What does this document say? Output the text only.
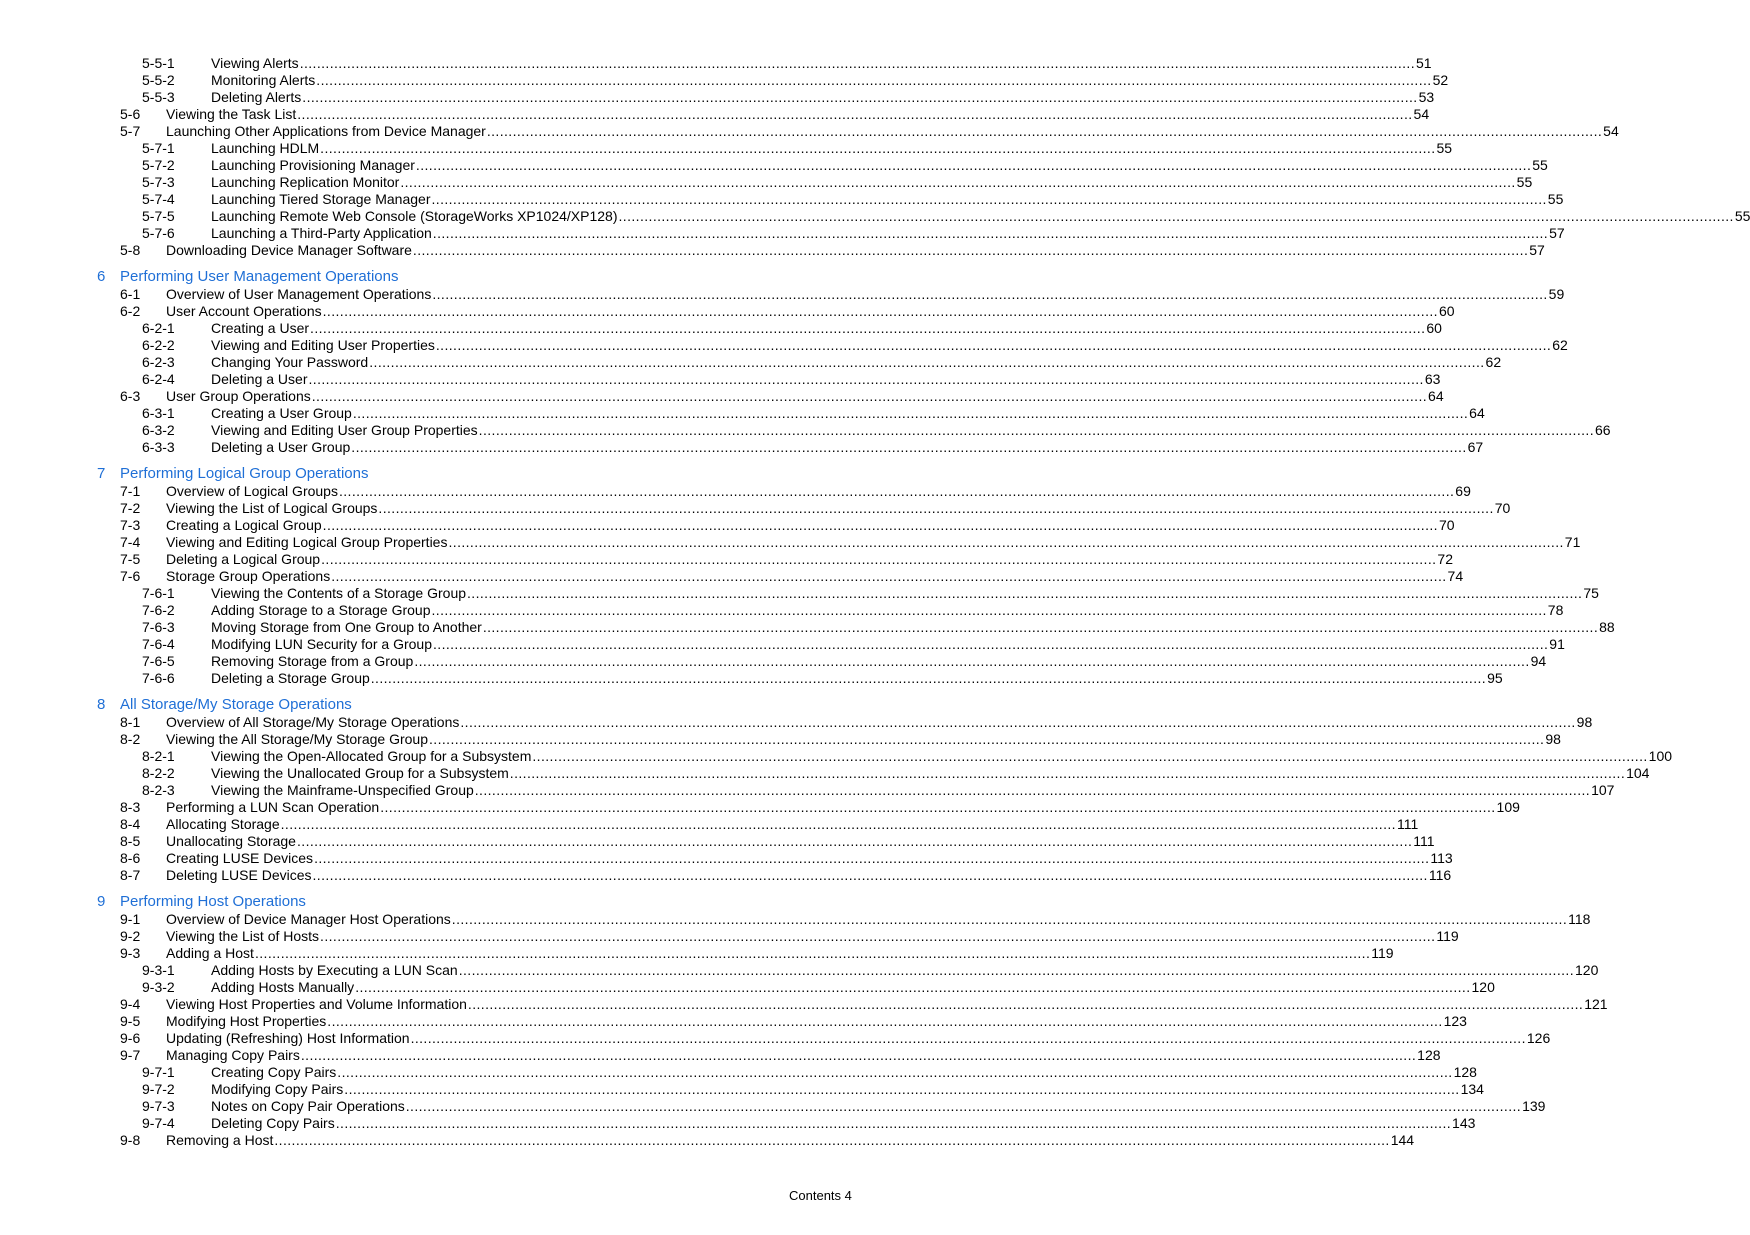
5-5-1	Viewing Alerts .................................................................................................................................................................................................................................................................... 51
5-5-2	Monitoring Alerts .................................................................................................................................................................................................................................................................... 52
5-5-3	Deleting Alerts .................................................................................................................................................................................................................................................................... 53
5-6 Viewing the Task List .................................................................................................................................................................................................................................................................... 54
5-7 Launching Other Applications from Device Manager .................................................................................................................................................................................................................................................................... 54
5-7-1	Launching HDLM .................................................................................................................................................................................................................................................................... 55
5-7-2	Launching Provisioning Manager .................................................................................................................................................................................................................................................................... 55
5-7-3	Launching Replication Monitor .................................................................................................................................................................................................................................................................... 55
5-7-4	Launching Tiered Storage Manager .................................................................................................................................................................................................................................................................... 55
5-7-5	Launching Remote Web Console (StorageWorks XP1024/XP128) .................................................................................................................................................................................................................................................................... 55
5-7-6	Launching a Third-Party Application .................................................................................................................................................................................................................................................................... 57
5-8 Downloading Device Manager Software .................................................................................................................................................................................................................................................................... 57
6 Performing User Management Operations
6-1 Overview of User Management Operations .................................................................................................................................................................................................................................................................... 59
6-2 User Account Operations .................................................................................................................................................................................................................................................................... 60
6-2-1	Creating a User .................................................................................................................................................................................................................................................................... 60
6-2-2	Viewing and Editing User Properties .................................................................................................................................................................................................................................................................... 62
6-2-3	Changing Your Password .................................................................................................................................................................................................................................................................... 62
6-2-4	Deleting a User .................................................................................................................................................................................................................................................................... 63
6-3 User Group Operations .................................................................................................................................................................................................................................................................... 64
6-3-1	Creating a User Group .................................................................................................................................................................................................................................................................... 64
6-3-2	Viewing and Editing User Group Properties .................................................................................................................................................................................................................................................................... 66
6-3-3	Deleting a User Group .................................................................................................................................................................................................................................................................... 67
7 Performing Logical Group Operations
7-1 Overview of Logical Groups .................................................................................................................................................................................................................................................................... 69
7-2 Viewing the List of Logical Groups .................................................................................................................................................................................................................................................................... 70
7-3 Creating a Logical Group .................................................................................................................................................................................................................................................................... 70
7-4 Viewing and Editing Logical Group Properties .................................................................................................................................................................................................................................................................... 71
7-5 Deleting a Logical Group .................................................................................................................................................................................................................................................................... 72
7-6 Storage Group Operations .................................................................................................................................................................................................................................................................... 74
7-6-1	Viewing the Contents of a Storage Group .................................................................................................................................................................................................................................................................... 75
7-6-2	Adding Storage to a Storage Group .................................................................................................................................................................................................................................................................... 78
7-6-3	Moving Storage from One Group to Another .................................................................................................................................................................................................................................................................... 88
7-6-4	Modifying LUN Security for a Group .................................................................................................................................................................................................................................................................... 91
7-6-5	Removing Storage from a Group .................................................................................................................................................................................................................................................................... 94
7-6-6	Deleting a Storage Group .................................................................................................................................................................................................................................................................... 95
8 All Storage/My Storage Operations
8-1 Overview of All Storage/My Storage Operations .................................................................................................................................................................................................................................................................... 98
8-2 Viewing the All Storage/My Storage Group .................................................................................................................................................................................................................................................................... 98
8-2-1	Viewing the Open-Allocated Group for a Subsystem .................................................................................................................................................................................................................................................................... 100
8-2-2	Viewing the Unallocated Group for a Subsystem .................................................................................................................................................................................................................................................................... 104
8-2-3	Viewing the Mainframe-Unspecified Group .................................................................................................................................................................................................................................................................... 107
8-3 Performing a LUN Scan Operation .................................................................................................................................................................................................................................................................... 109
8-4 Allocating Storage .................................................................................................................................................................................................................................................................... 111
8-5 Unallocating Storage .................................................................................................................................................................................................................................................................... 111
8-6 Creating LUSE Devices .................................................................................................................................................................................................................................................................... 113
8-7 Deleting LUSE Devices .................................................................................................................................................................................................................................................................... 116
9 Performing Host Operations
9-1 Overview of Device Manager Host Operations .................................................................................................................................................................................................................................................................... 118
9-2 Viewing the List of Hosts .................................................................................................................................................................................................................................................................... 119
9-3 Adding a Host .................................................................................................................................................................................................................................................................... 119
9-3-1	Adding Hosts by Executing a LUN Scan .................................................................................................................................................................................................................................................................... 120
9-3-2	Adding Hosts Manually .................................................................................................................................................................................................................................................................... 120
9-4 Viewing Host Properties and Volume Information .................................................................................................................................................................................................................................................................... 121
9-5 Modifying Host Properties .................................................................................................................................................................................................................................................................... 123
9-6 Updating (Refreshing) Host Information .................................................................................................................................................................................................................................................................... 126
9-7 Managing Copy Pairs .................................................................................................................................................................................................................................................................... 128
9-7-1	Creating Copy Pairs .................................................................................................................................................................................................................................................................... 128
9-7-2	Modifying Copy Pairs .................................................................................................................................................................................................................................................................... 134
9-7-3	Notes on Copy Pair Operations .................................................................................................................................................................................................................................................................... 139
9-7-4	Deleting Copy Pairs .................................................................................................................................................................................................................................................................... 143
9-8 Removing a Host .................................................................................................................................................................................................................................................................... 144
Contents 4
